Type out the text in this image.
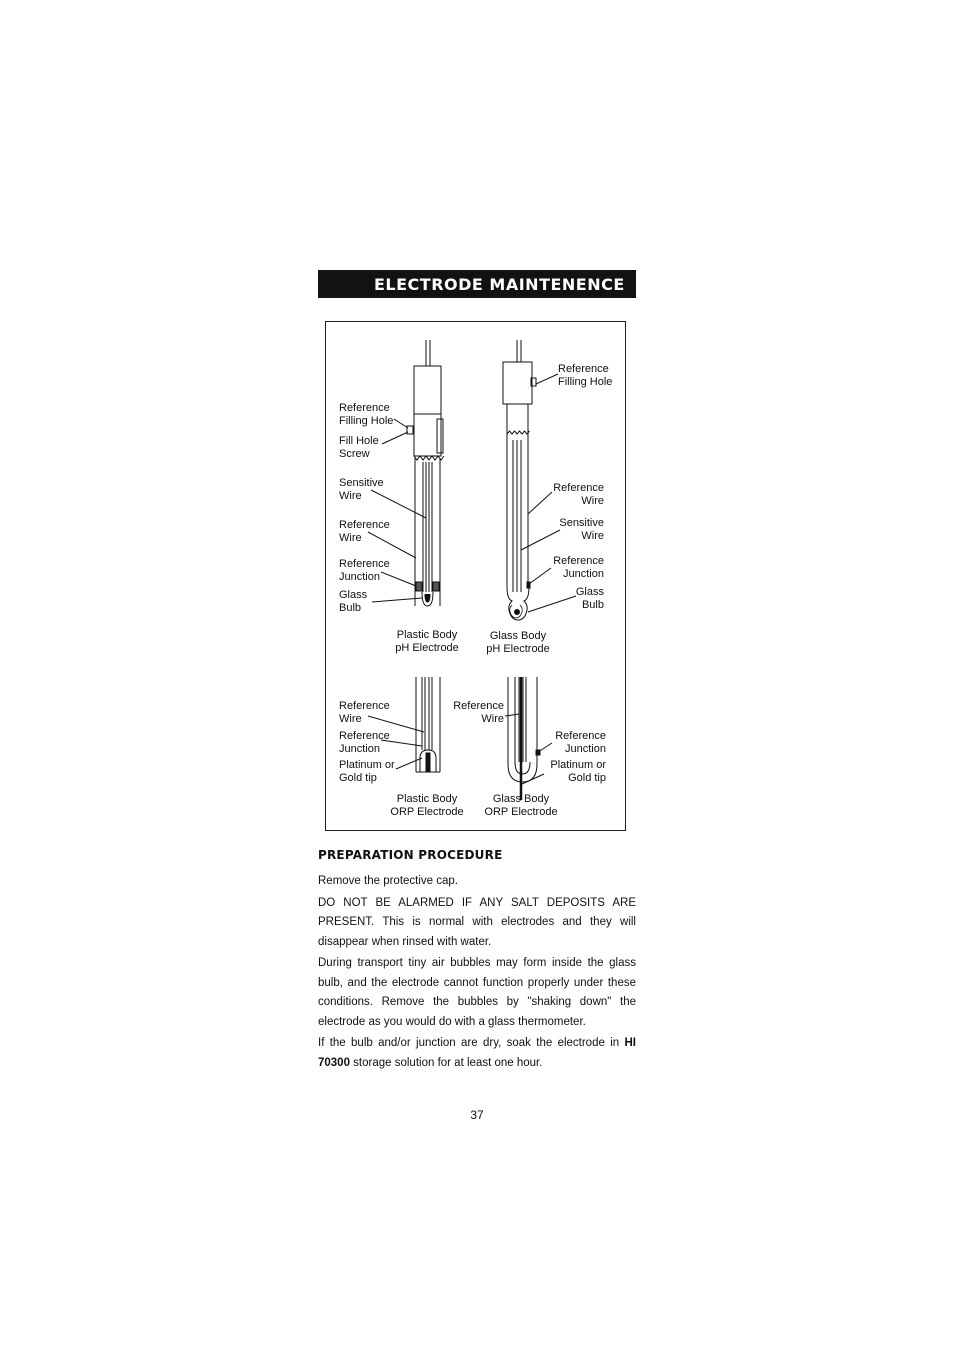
ELECTRODE MAINTENENCE
Reference
Filling Hole
Fill Hole
Screw
Sensitive
Wire
Reference
Wire
Reference
Junction
Glass
Bulb
Reference
Filling Hole
Reference
Wire
Sensitive
Wire
Reference
Junction
Glass
Bulb
Plastic Body
pH Electrode
Glass Body
pH Electrode
Reference
Wire
Reference
Junction
Platinum or
Gold tip
Reference
Wire
Reference
Junction
Platinum or
Gold tip
Plastic Body
ORP Electrode
Glass Body
ORP Electrode
PREPARATION PROCEDURE

Remove the protective cap.

DO NOT BE ALARMED IF ANY SALT DEPOSITS ARE PRESENT. This is normal with electrodes and they will disappear when rinsed with water.

During transport tiny air bubbles may form inside the glass bulb, and the electrode cannot function properly under these conditions. Remove the bubbles by "shaking down" the electrode as you would do with a glass thermometer.

If the bulb and/or junction are dry, soak the electrode in HI 70300 storage solution for at least one hour.

37
